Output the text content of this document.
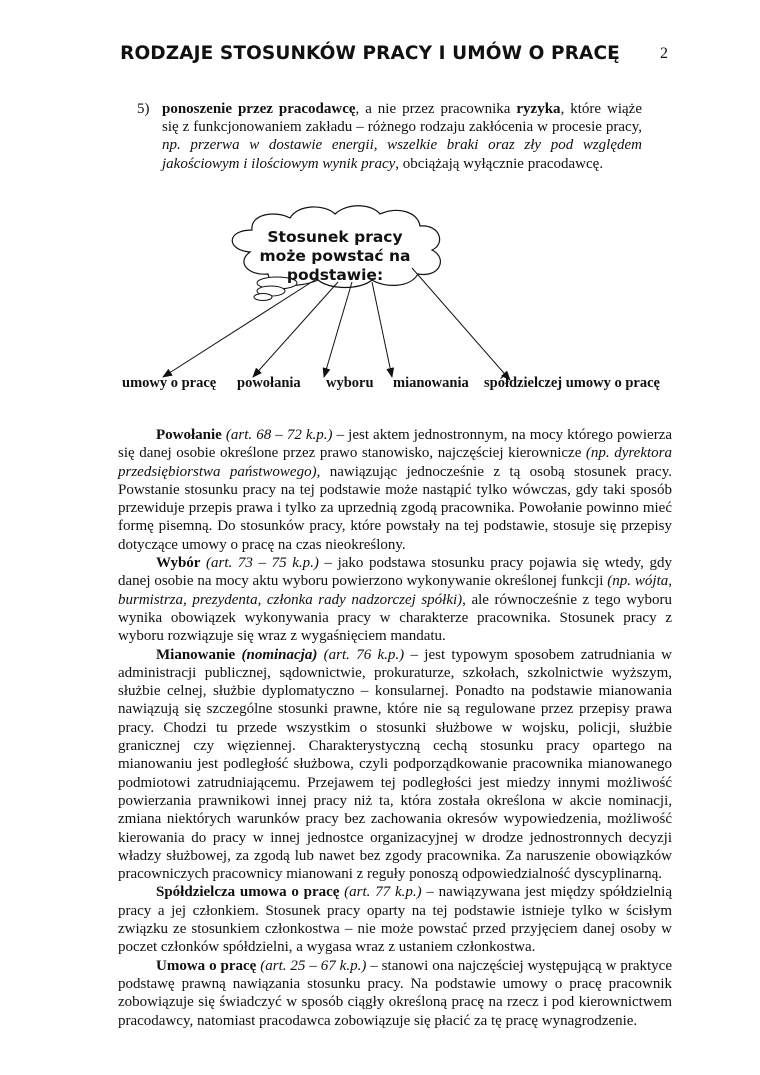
RODZAJE STOSUNKÓW PRACY I UMÓW O PRACĘ	2
5) ponoszenie przez pracodawcę, a nie przez pracownika ryzyka, które wiąże się z funkcjonowaniem zakładu – różnego rodzaju zakłócenia w procesie pracy, np. przerwa w dostawie energii, wszelkie braki oraz zły pod względem jakościowym i ilościowym wynik pracy, obciążają wyłącznie pracodawcę.
Stosunek pracy może powstać na podstawie:
umowy o pracę powołania wyboru mianowania spółdzielczej umowy o pracę

Powołanie (art. 68 – 72 k.p.) – jest aktem jednostronnym, na mocy którego powierza się danej osobie określone przez prawo stanowisko, najczęściej kierownicze (np. dyrektora przedsiębiorstwa państwowego), nawiązując jednocześnie z tą osobą stosunek pracy. Powstanie stosunku pracy na tej podstawie może nastąpić tylko wówczas, gdy taki sposób przewiduje przepis prawa i tylko za uprzednią zgodą pracownika. Powołanie powinno mieć formę pisemną. Do stosunków pracy, które powstały na tej podstawie, stosuje się przepisy dotyczące umowy o pracę na czas nieokreślony.

Wybór (art. 73 – 75 k.p.) – jako podstawa stosunku pracy pojawia się wtedy, gdy danej osobie na mocy aktu wyboru powierzono wykonywanie określonej funkcji (np. wójta, burmistrza, prezydenta, członka rady nadzorczej spółki), ale równocześnie z tego wyboru wynika obowiązek wykonywania pracy w charakterze pracownika. Stosunek pracy z wyboru rozwiązuje się wraz z wygaśnięciem mandatu.

Mianowanie (nominacja) (art. 76 k.p.) – jest typowym sposobem zatrudniania w administracji publicznej, sądownictwie, prokuraturze, szkołach, szkolnictwie wyższym, służbie celnej, służbie dyplomatyczno – konsularnej. Ponadto na podstawie mianowania nawiązują się szczególne stosunki prawne, które nie są regulowane przez przepisy prawa pracy. Chodzi tu przede wszystkim o stosunki służbowe w wojsku, policji, służbie granicznej czy więziennej. Charakterystyczną cechą stosunku pracy opartego na mianowaniu jest podległość służbowa, czyli podporządkowanie pracownika mianowanego podmiotowi zatrudniającemu. Przejawem tej podległości jest miedzy innymi możliwość powierzania prawnikowi innej pracy niż ta, która została określona w akcie nominacji, zmiana niektórych warunków pracy bez zachowania okresów wypowiedzenia, możliwość kierowania do pracy w innej jednostce organizacyjnej w drodze jednostronnych decyzji władzy służbowej, za zgodą lub nawet bez zgody pracownika. Za naruszenie obowiązków pracowniczych pracownicy mianowani z reguły ponoszą odpowiedzialność dyscyplinarną.

Spółdzielcza umowa o pracę (art. 77 k.p.) – nawiązywana jest między spółdzielnią pracy a jej członkiem. Stosunek pracy oparty na tej podstawie istnieje tylko w ścisłym związku ze stosunkiem członkostwa – nie może powstać przed przyjęciem danej osoby w poczet członków spółdzielni, a wygasa wraz z ustaniem członkostwa.

Umowa o pracę (art. 25 – 67 k.p.) – stanowi ona najczęściej występującą w praktyce podstawę prawną nawiązania stosunku pracy. Na podstawie umowy o pracę pracownik zobowiązuje się świadczyć w sposób ciągły określoną pracę na rzecz i pod kierownictwem pracodawcy, natomiast pracodawca zobowiązuje się płacić za tę pracę wynagrodzenie.
